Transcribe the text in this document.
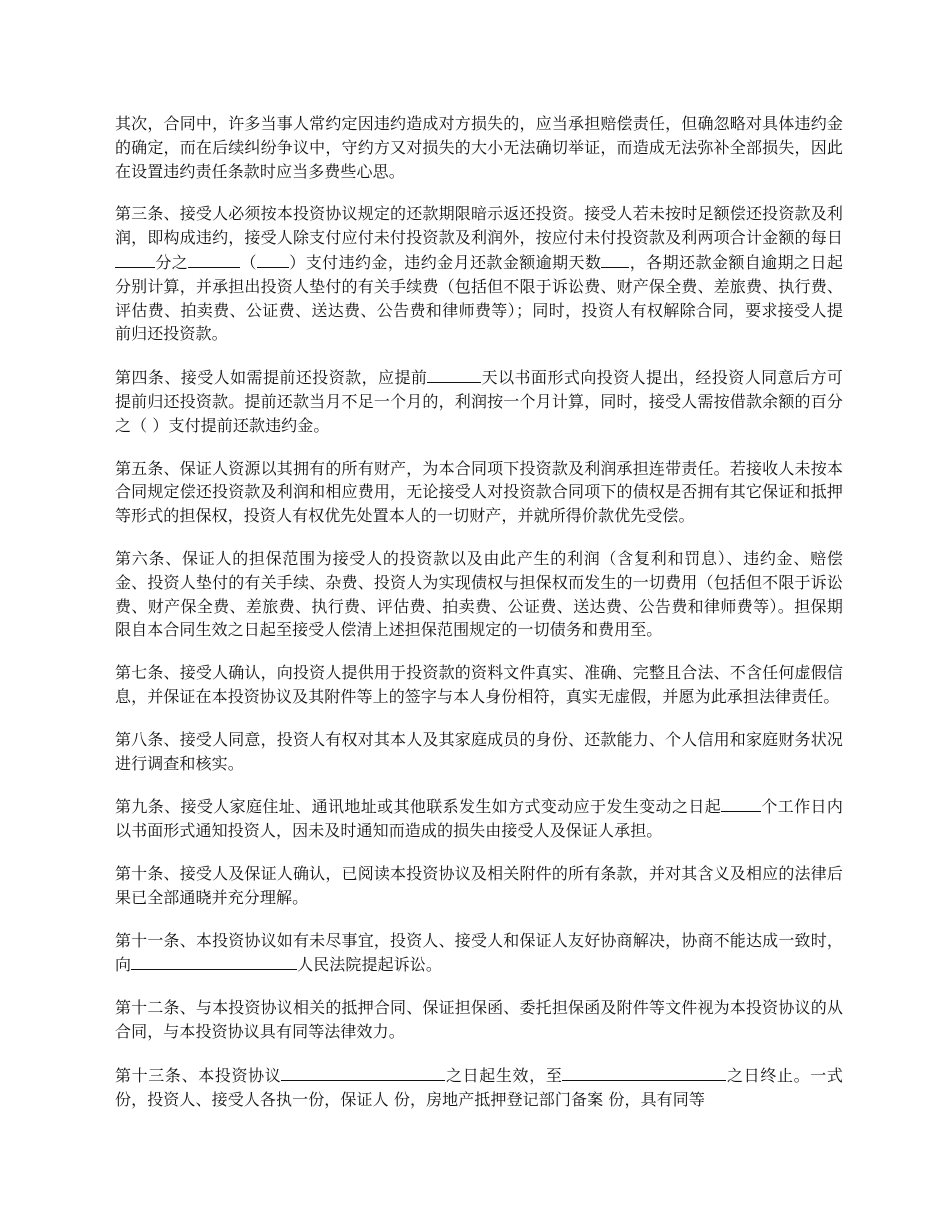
其次，合同中，许多当事人常约定因违约造成对方损失的，应当承担赔偿责任，但确忽略对具体违约金的确定，而在后续纠纷争议中，守约方又对损失的大小无法确切举证，而造成无法弥补全部损失，因此在设置违约责任条款时应当多费些心思。

第三条、接受人必须按本投资协议规定的还款期限暗示返还投资。接受人若未按时足额偿还投资款及利润，即构成违约，接受人除支付应付未付投资款及利润外，按应付未付投资款及利两项合计金额的每日分之	（ ）支付违约金，违约金月还款金额逾期天数 ，各期还款金额自逾期之日起分别计算，并承担出投资人垫付的有关手续费（包括但不限于诉讼费、财产保全费、差旅费、执行费、评估费、拍卖费、公证费、送达费、公告费和律师费等）；同时，投资人有权解除合同，要求接受人提前归还投资款。

第四条、接受人如需提前还投资款，应提前	天以书面形式向投资人提出，经投资人同意后方可提前归还投资款。提前还款当月不足一个月的，利润按一个月计算，同时，接受人需按借款余额的百分之（ ）支付提前还款违约金。

第五条、保证人资源以其拥有的所有财产，为本合同项下投资款及利润承担连带责任。若接收人未按本合同规定偿还投资款及利润和相应费用，无论接受人对投资款合同项下的债权是否拥有其它保证和抵押等形式的担保权，投资人有权优先处置本人的一切财产，并就所得价款优先受偿。

第六条、保证人的担保范围为接受人的投资款以及由此产生的利润（含复利和罚息）、违约金、赔偿金、投资人垫付的有关手续、杂费、投资人为实现债权与担保权而发生的一切费用（包括但不限于诉讼费、财产保全费、差旅费、执行费、评估费、拍卖费、公证费、送达费、公告费和律师费等）。担保期限自本合同生效之日起至接受人偿清上述担保范围规定的一切债务和费用至。

第七条、接受人确认，向投资人提供用于投资款的资料文件真实、准确、完整且合法、不含任何虚假信息，并保证在本投资协议及其附件等上的签字与本人身份相符，真实无虚假，并愿为此承担法律责任。

第八条、接受人同意，投资人有权对其本人及其家庭成员的身份、还款能力、个人信用和家庭财务状况进行调查和核实。

第九条、接受人家庭住址、通讯地址或其他联系发生如方式变动应于发生变动之日起	个工作日内以书面形式通知投资人，因未及时通知而造成的损失由接受人及保证人承担。

第十条、接受人及保证人确认，已阅读本投资协议及相关附件的所有条款，并对其含义及相应的法律后果已全部通晓并充分理解。

第十一条、本投资协议如有未尽事宜，投资人、接受人和保证人友好协商解决，协商不能达成一致时，向	人民法院提起诉讼。

第十二条、与本投资协议相关的抵押合同、保证担保函、委托担保函及附件等文件视为本投资协议的从合同，与本投资协议具有同等法律效力。

第十三条、本投资协议	之日起生效，至	之日终止。一式 份，投资人、接受人各执一份，保证人 份，房地产抵押登记部门备案 份，具有同等
